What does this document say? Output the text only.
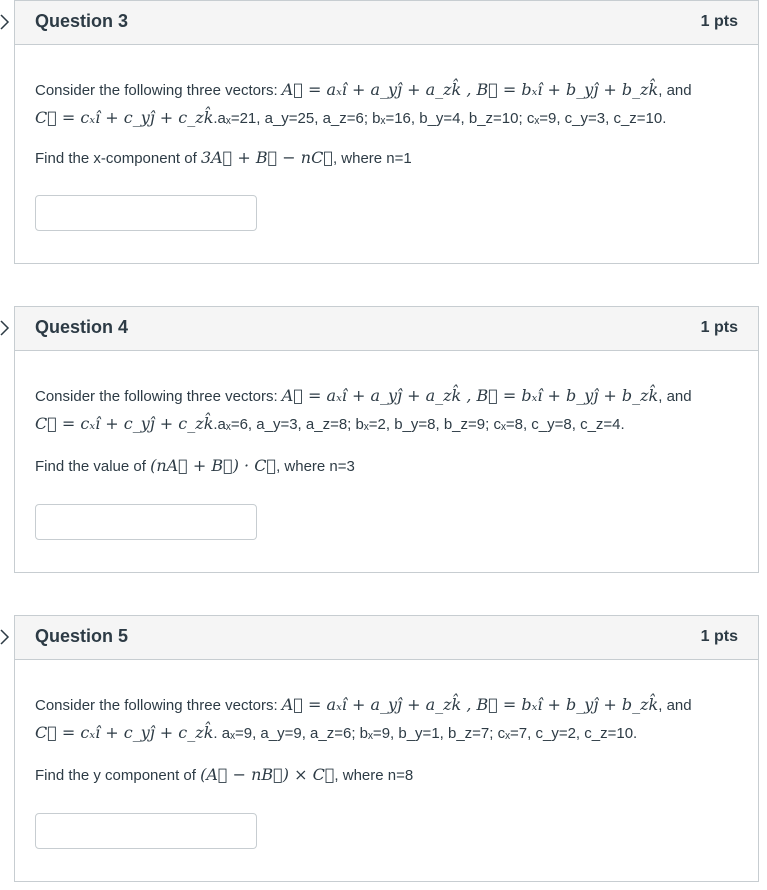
Question 3	1 pts
Consider the following three vectors: A⃗ = aₓî + a_yĵ + a_zk̂ , B⃗ = bₓî + b_yĵ + b_zk̂, and
C⃗ = cₓî + c_yĵ + c_zk̂.aₓ=21, a_y=25, a_z=6; bₓ=16, b_y=4, b_z=10; cₓ=9, c_y=3, c_z=10.
Find the x-component of 3A⃗ + B⃗ − nC⃗, where n=1
Question 4	1 pts
Consider the following three vectors: A⃗ = aₓî + a_yĵ + a_zk̂ , B⃗ = bₓî + b_yĵ + b_zk̂, and
C⃗ = cₓî + c_yĵ + c_zk̂.aₓ=6, a_y=3, a_z=8; bₓ=2, b_y=8, b_z=9; cₓ=8, c_y=8, c_z=4.
Find the value of (nA⃗ + B⃗) · C⃗, where n=3
Question 5	1 pts
Consider the following three vectors: A⃗ = aₓî + a_yĵ + a_zk̂ , B⃗ = bₓî + b_yĵ + b_zk̂, and
C⃗ = cₓî + c_yĵ + c_zk̂. aₓ=9, a_y=9, a_z=6; bₓ=9, b_y=1, b_z=7; cₓ=7, c_y=2, c_z=10.
Find the y component of (A⃗ − nB⃗) × C⃗, where n=8
